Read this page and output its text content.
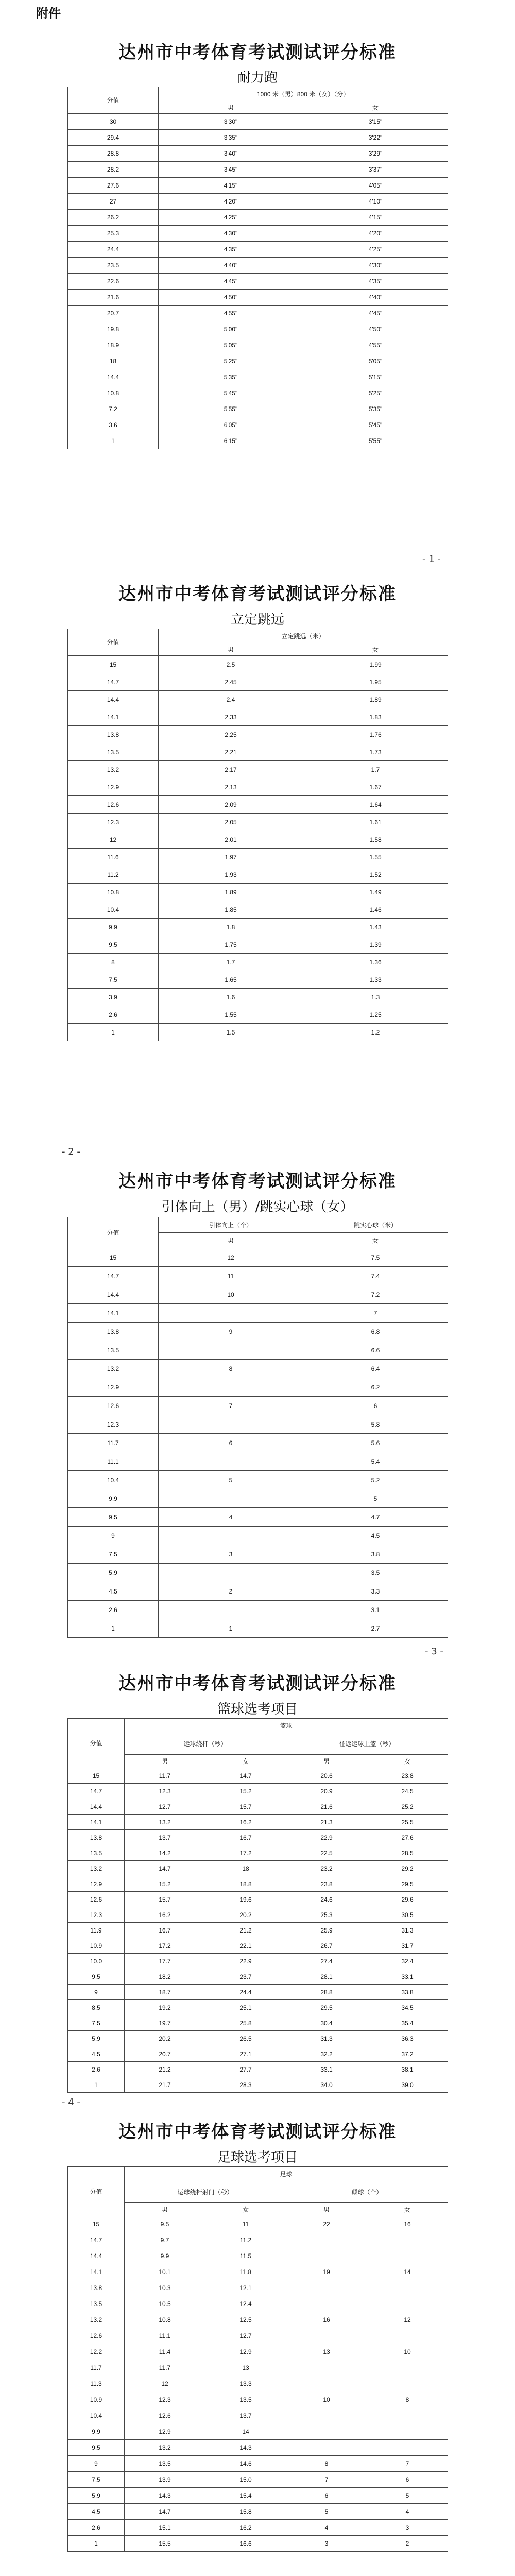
附件
达州市中考体育考试测试评分标准
耐力跑
分值	1000 米（男）800 米（女）（分）	
	男	女
30	3'30"	3'15"
29.4	3'35"	3'22"
28.8	3'40"	3'29"
28.2	3'45"	3'37"
27.6	4'15"	4'05"
27	4'20"	4'10"
26.2	4'25"	4'15"
25.3	4'30"	4'20"
24.4	4'35"	4'25"
23.5	4'40"	4'30"
22.6	4'45"	4'35"
21.6	4'50"	4'40"
20.7	4'55"	4'45"
19.8	5'00"	4'50"
18.9	5'05"	4'55"
18	5'25"	5'05"
14.4	5'35"	5'15"
10.8	5'45"	5'25"
7.2	5'55"	5'35"
3.6	6'05"	5'45"
1	6'15"	5'55"
- 1 -
达州市中考体育考试测试评分标准
立定跳远
分值	立定跳远（米）	
	男	女
15	2.5	1.99
14.7	2.45	1.95
14.4	2.4	1.89
14.1	2.33	1.83
13.8	2.25	1.76
13.5	2.21	1.73
13.2	2.17	1.7
12.9	2.13	1.67
12.6	2.09	1.64
12.3	2.05	1.61
12	2.01	1.58
11.6	1.97	1.55
11.2	1.93	1.52
10.8	1.89	1.49
10.4	1.85	1.46
9.9	1.8	1.43
9.5	1.75	1.39
8	1.7	1.36
7.5	1.65	1.33
3.9	1.6	1.3
2.6	1.55	1.25
1	1.5	1.2
- 2 -
达州市中考体育考试测试评分标准
引体向上（男）/跳实心球（女）
分值	引体向上（个）	跳实心球（米）
	男	女
15	12	7.5
14.7	11	7.4
14.4	10	7.2
14.1		7
13.8	9	6.8
13.5		6.6
13.2	8	6.4
12.9		6.2
12.6	7	6
12.3		5.8
11.7	6	5.6
11.1		5.4
10.4	5	5.2
9.9		5
9.5	4	4.7
9		4.5
7.5	3	3.8
5.9		3.5
4.5	2	3.3
2.6		3.1
1	1	2.7
- 3 -
达州市中考体育考试测试评分标准
篮球选考项目
分值	篮球			
	运球绕杆（秒）		往返运球上篮（秒）	
	男	女	男	女
15	11.7	14.7	20.6	23.8
14.7	12.3	15.2	20.9	24.5
14.4	12.7	15.7	21.6	25.2
14.1	13.2	16.2	21.3	25.5
13.8	13.7	16.7	22.9	27.6
13.5	14.2	17.2	22.5	28.5
13.2	14.7	18	23.2	29.2
12.9	15.2	18.8	23.8	29.5
12.6	15.7	19.6	24.6	29.6
12.3	16.2	20.2	25.3	30.5
11.9	16.7	21.2	25.9	31.3
10.9	17.2	22.1	26.7	31.7
10.0	17.7	22.9	27.4	32.4
9.5	18.2	23.7	28.1	33.1
9	18.7	24.4	28.8	33.8
8.5	19.2	25.1	29.5	34.5
7.5	19.7	25.8	30.4	35.4
5.9	20.2	26.5	31.3	36.3
4.5	20.7	27.1	32.2	37.2
2.6	21.2	27.7	33.1	38.1
1	21.7	28.3	34.0	39.0
- 4 -
达州市中考体育考试测试评分标准
足球选考项目
分值	足球			
	运球绕杆射门（秒）		颠球（个）	
	男	女	男	女
15	9.5	11	22	16
14.7	9.7	11.2		
14.4	9.9	11.5		
14.1	10.1	11.8	19	14
13.8	10.3	12.1		
13.5	10.5	12.4		
13.2	10.8	12.5	16	12
12.6	11.1	12.7		
12.2	11.4	12.9	13	10
11.7	11.7	13		
11.3	12	13.3		
10.9	12.3	13.5	10	8
10.4	12.6	13.7		
9.9	12.9	14		
9.5	13.2	14.3		
9	13.5	14.6	8	7
7.5	13.9	15.0	7	6
5.9	14.3	15.4	6	5
4.5	14.7	15.8	5	4
2.6	15.1	16.2	4	3
1	15.5	16.6	3	2
